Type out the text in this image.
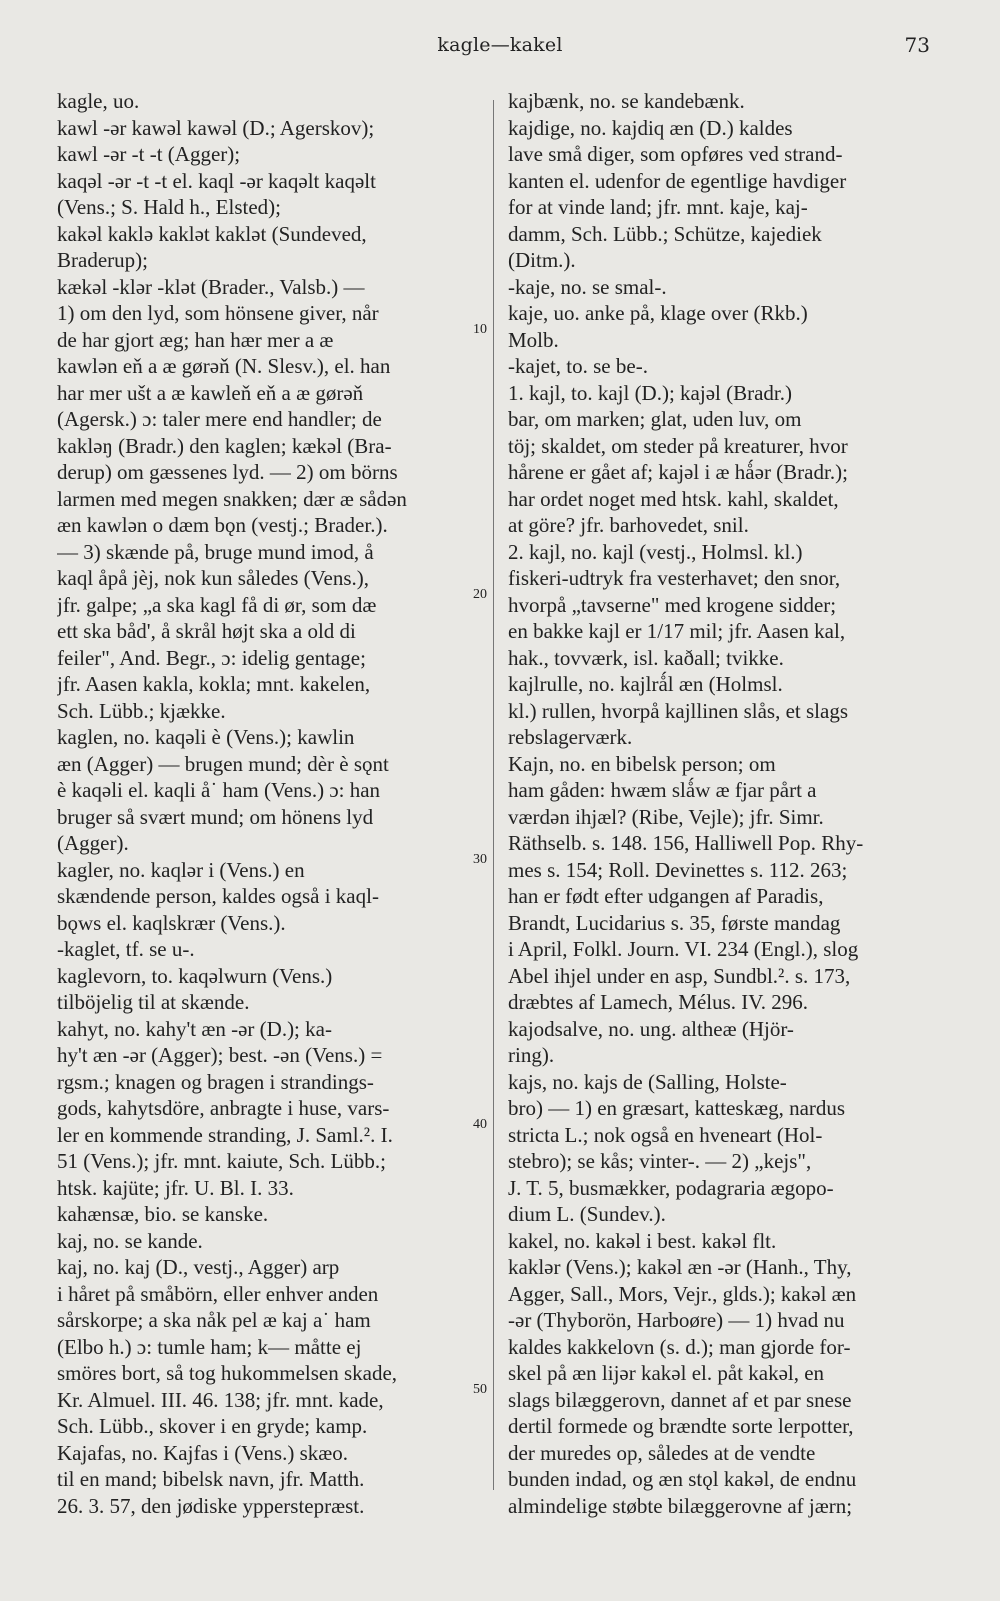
kagle—kakel	73
kagle, uo.
kawl -ər kawəl kawəl (D.; Agerskov);
kawl -ər -t -t (Agger);
kaqəl -ər -t -t el. kaql -ər kaqəlt kaqəlt
(Vens.; S. Hald h., Elsted);
kakəl kaklə kaklət kaklət (Sundeved,
Braderup);
kækəl -klər -klət (Brader., Valsb.) —
1) om den lyd, som hönsene giver, når
de har gjort æg; han hær mer a æ
kawlən eň a æ gørəň (N. Slesv.), el. han
har mer ušt a æ kawleň eň a æ gørəň
(Agersk.) ɔ: taler mere end handler; de
kakləŋ (Bradr.) den kaglen; kækəl (Bra-
derup) om gæssenes lyd. — 2) om börns
larmen med megen snakken; dær æ sådən
æn kawlən o dæm bǫn (vestj.; Brader.).
— 3) skænde på, bruge mund imod, å
kaql åpå jèj, nok kun således (Vens.),
jfr. galpe; „a ska kagl få di ør, som dæ
ett ska båd', å skrål højt ska a old di
feiler", And. Begr., ɔ: idelig gentage;
jfr. Aasen kakla, kokla; mnt. kakelen,
Sch. Lübb.; kjække.
kaglen, no. kaqəli è (Vens.); kawlin
æn (Agger) — brugen mund; dèr è sǫnt
è kaqəli el. kaqli å˙ ham (Vens.) ɔ: han
bruger så svært mund; om hönens lyd
(Agger).
kagler, no. kaqlər i (Vens.) en
skændende person, kaldes også i kaql-
bǫws el. kaqlskrær (Vens.).
-kaglet, tf. se u-.
kaglevorn, to. kaqəlwurn (Vens.)
tilböjelig til at skænde.
kahyt, no. kahy't æn -ər (D.); ka-
hy't æn -ər (Agger); best. -ən (Vens.) =
rgsm.; knagen og bragen i strandings-
gods, kahytsdöre, anbragte i huse, vars-
ler en kommende stranding, J. Saml.². I.
51 (Vens.); jfr. mnt. kaiute, Sch. Lübb.;
htsk. kajüte; jfr. U. Bl. I. 33.
kahænsæ, bio. se kanske.
kaj, no. se kande.
kaj, no. kaj (D., vestj., Agger) arp
i håret på småbörn, eller enhver anden
sårskorpe; a ska nåk pel æ kaj a˙ ham
(Elbo h.) ɔ: tumle ham; k— måtte ej
smöres bort, så tog hukommelsen skade,
Kr. Almuel. III. 46. 138; jfr. mnt. kade,
Sch. Lübb., skover i en gryde; kamp.
Kajafas, no. Kajfas i (Vens.) skæo.
til en mand; bibelsk navn, jfr. Matth.
26. 3. 57, den jødiske ypperstepræst.
kajbænk, no. se kandebænk.
kajdige, no. kajdiq æn (D.) kaldes
lave små diger, som opføres ved strand-
kanten el. udenfor de egentlige havdiger
for at vinde land; jfr. mnt. kaje, kaj-
damm, Sch. Lübb.; Schütze, kajediek
(Ditm.).
-kaje, no. se smal-.
kaje, uo. anke på, klage over (Rkb.)
Molb.
-kajet, to. se be-.
1. kajl, to. kajl (D.); kajəl (Bradr.)
bar, om marken; glat, uden luv, om
töj; skaldet, om steder på kreaturer, hvor
hårene er gået af; kajəl i æ hǻər (Bradr.);
har ordet noget med htsk. kahl, skaldet,
at göre? jfr. barhovedet, snil.
2. kajl, no. kajl (vestj., Holmsl. kl.)
fiskeri-udtryk fra vesterhavet; den snor,
hvorpå „tavserne" med krogene sidder;
en bakke kajl er 1/17 mil; jfr. Aasen kal,
hak., tovværk, isl. kaðall; tvikke.
kajlrulle, no. kajlrǻl æn (Holmsl.
kl.) rullen, hvorpå kajllinen slås, et slags
rebslagerværk.
Kajn, no. en bibelsk person; om
ham gåden: hwæm slǻw æ fjar pårt a
værdən ihjæl? (Ribe, Vejle); jfr. Simr.
Räthselb. s. 148. 156, Halliwell Pop. Rhy-
mes s. 154; Roll. Devinettes s. 112. 263;
han er født efter udgangen af Paradis,
Brandt, Lucidarius s. 35, første mandag
i April, Folkl. Journ. VI. 234 (Engl.), slog
Abel ihjel under en asp, Sundbl.². s. 173,
dræbtes af Lamech, Mélus. IV. 296.
kajodsalve, no. ung. altheæ (Hjör-
ring).
kajs, no. kajs de (Salling, Holste-
bro) — 1) en græsart, katteskæg, nardus
stricta L.; nok også en hveneart (Hol-
stebro); se kås; vinter-. — 2) „kejs",
J. T. 5, busmækker, podagraria ægopo-
dium L. (Sundev.).
kakel, no. kakəl i best. kakəl flt.
kaklər (Vens.); kakəl æn -ər (Hanh., Thy,
Agger, Sall., Mors, Vejr., glds.); kakəl æn
-ər (Thyborön, Harboøre) — 1) hvad nu
kaldes kakkelovn (s. d.); man gjorde for-
skel på æn lijər kakəl el. påt kakəl, en
slags bilæggerovn, dannet af et par snese
dertil formede og brændte sorte lerpotter,
der muredes op, således at de vendte
bunden indad, og æn stǫl kakəl, de endnu
almindelige støbte bilæggerovne af jærn;
10
20
30
40
50
